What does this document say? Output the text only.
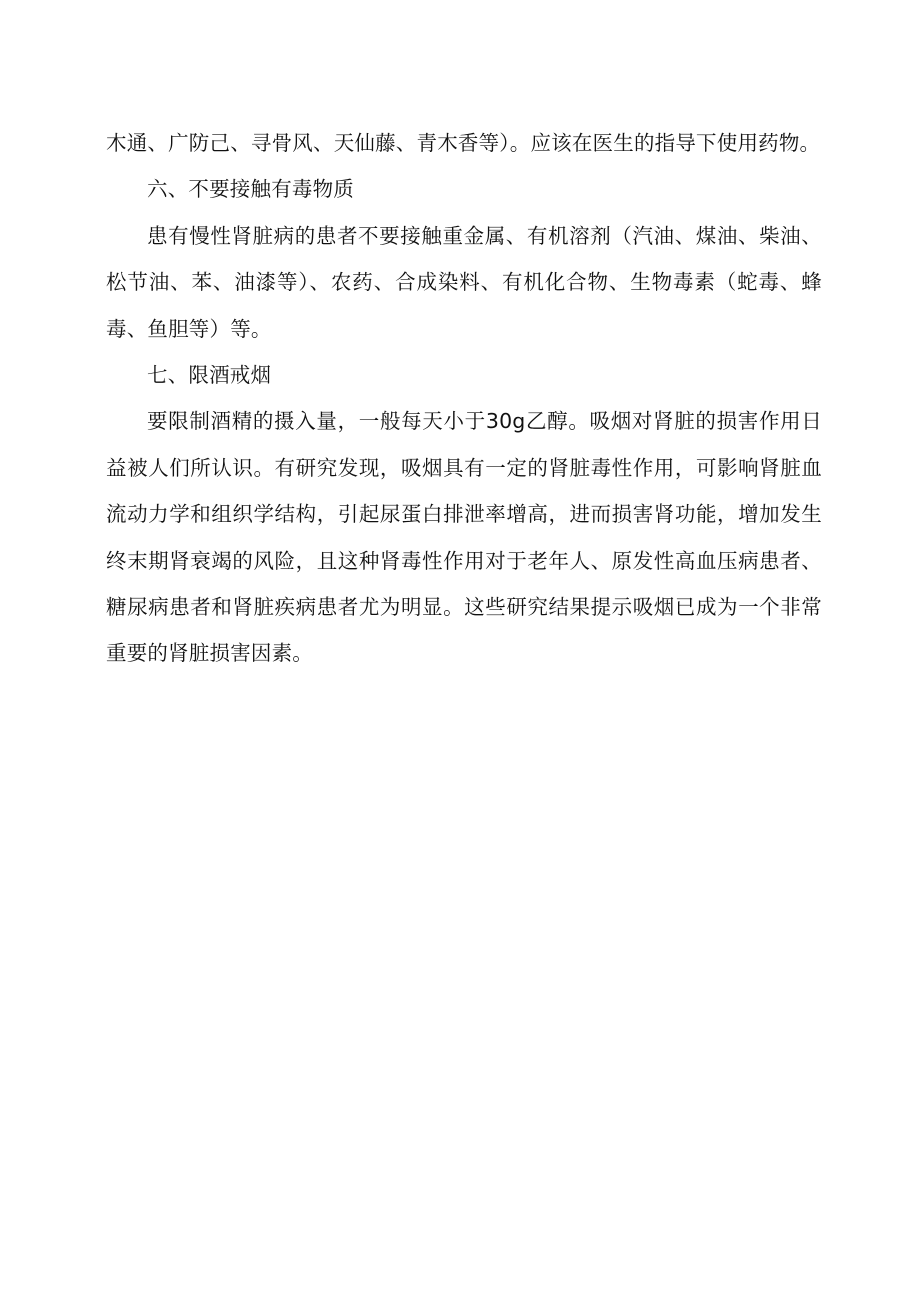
木通、广防己、寻骨风、天仙藤、青木香等）。应该在医生的指导下使用药物。

六、不要接触有毒物质

患有慢性肾脏病的患者不要接触重金属、有机溶剂（汽油、煤油、柴油、松节油、苯、油漆等）、农药、合成染料、有机化合物、生物毒素（蛇毒、蜂毒、鱼胆等）等。

七、限酒戒烟

要限制酒精的摄入量，一般每天小于30g乙醇。吸烟对肾脏的损害作用日益被人们所认识。有研究发现，吸烟具有一定的肾脏毒性作用，可影响肾脏血流动力学和组织学结构，引起尿蛋白排泄率增高，进而损害肾功能，增加发生终末期肾衰竭的风险，且这种肾毒性作用对于老年人、原发性高血压病患者、糖尿病患者和肾脏疾病患者尤为明显。这些研究结果提示吸烟已成为一个非常重要的肾脏损害因素。
